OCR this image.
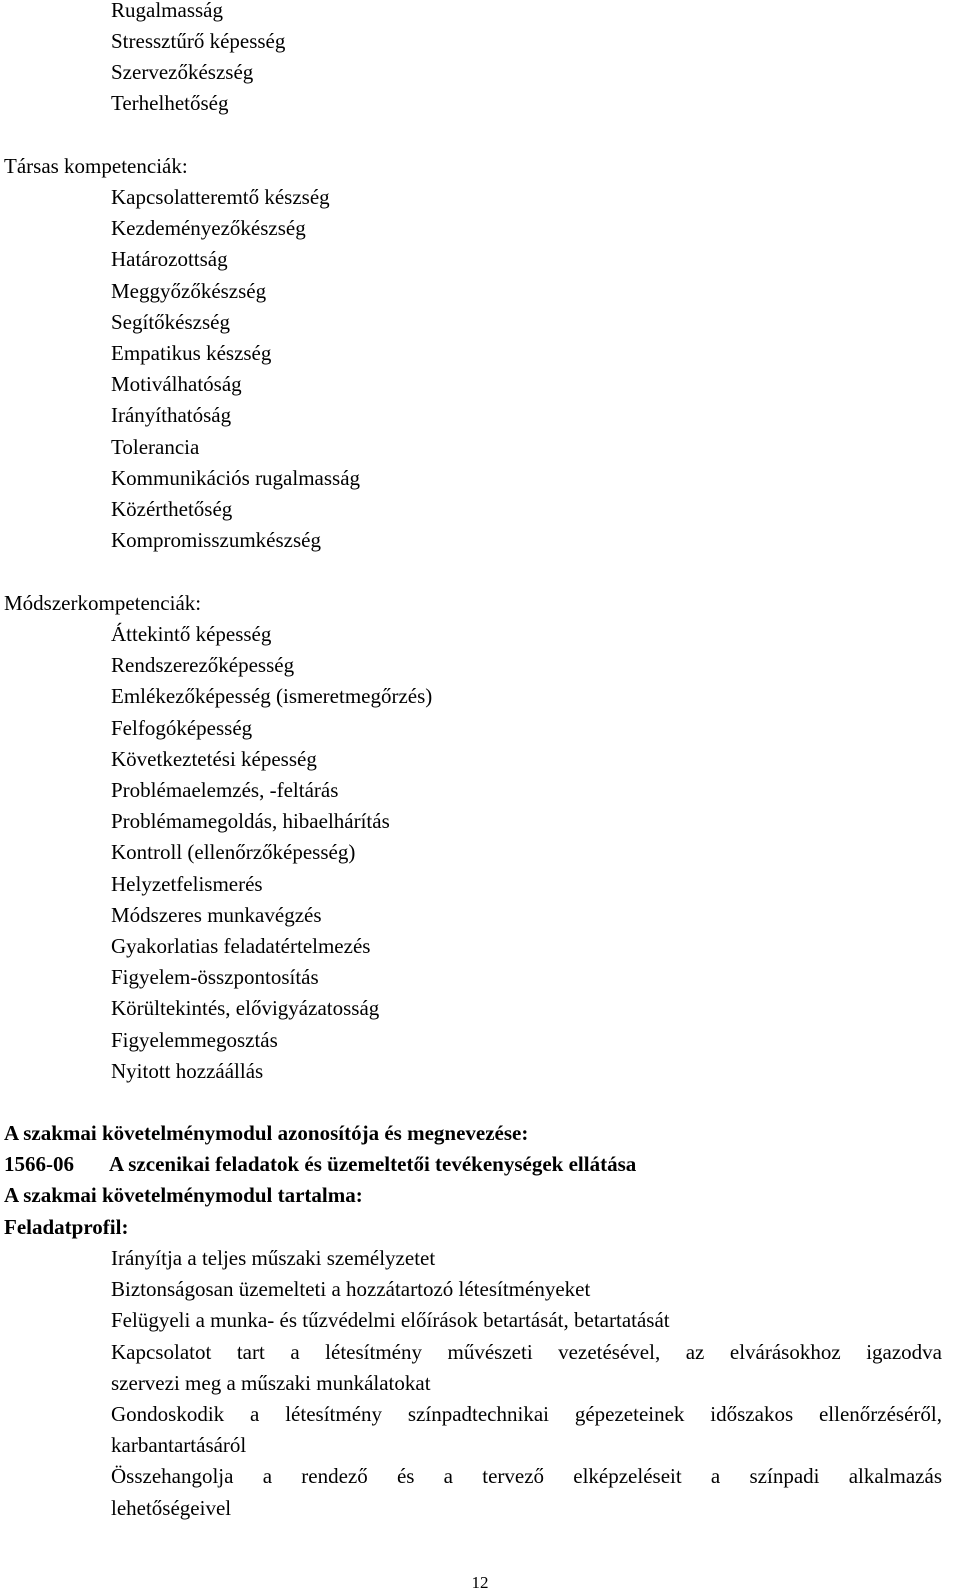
Rugalmasság
Stressztűrő képesség
Szervezőkészség
Terhelhetőség
Társas kompetenciák:
Kapcsolatteremtő készség
Kezdeményezőkészség
Határozottság
Meggyőzőkészség
Segítőkészség
Empatikus készség
Motiválhatóság
Irányíthatóság
Tolerancia
Kommunikációs rugalmasság
Közérthetőség
Kompromisszumkészség
Módszerkompetenciák:
Áttekintő képesség
Rendszerezőképesség
Emlékezőképesség (ismeretmegőrzés)
Felfogóképesség
Következtetési képesség
Problémaelemzés, -feltárás
Problémamegoldás, hibaelhárítás
Kontroll (ellenőrzőképesség)
Helyzetfelismerés
Módszeres munkavégzés
Gyakorlatias feladatértelmezés
Figyelem-összpontosítás
Körültekintés, elővigyázatosság
Figyelemmegosztás
Nyitott hozzáállás
A szakmai követelménymodul azonosítója és megnevezése:
1566-06 A szcenikai feladatok és üzemeltetői tevékenységek ellátása
A szakmai követelménymodul tartalma:
Feladatprofil:
Irányítja a teljes műszaki személyzetet
Biztonságosan üzemelteti a hozzátartozó létesítményeket
Felügyeli a munka- és tűzvédelmi előírások betartását, betartatását
Kapcsolatot tart a létesítmény művészeti vezetésével, az elvárásokhoz igazodva
szervezi meg a műszaki munkálatokat
Gondoskodik a létesítmény színpadtechnikai gépezeteinek időszakos ellenőrzéséről,
karbantartásáról
Összehangolja a rendező és a tervező elképzeléseit a színpadi alkalmazás
lehetőségeivel
12
